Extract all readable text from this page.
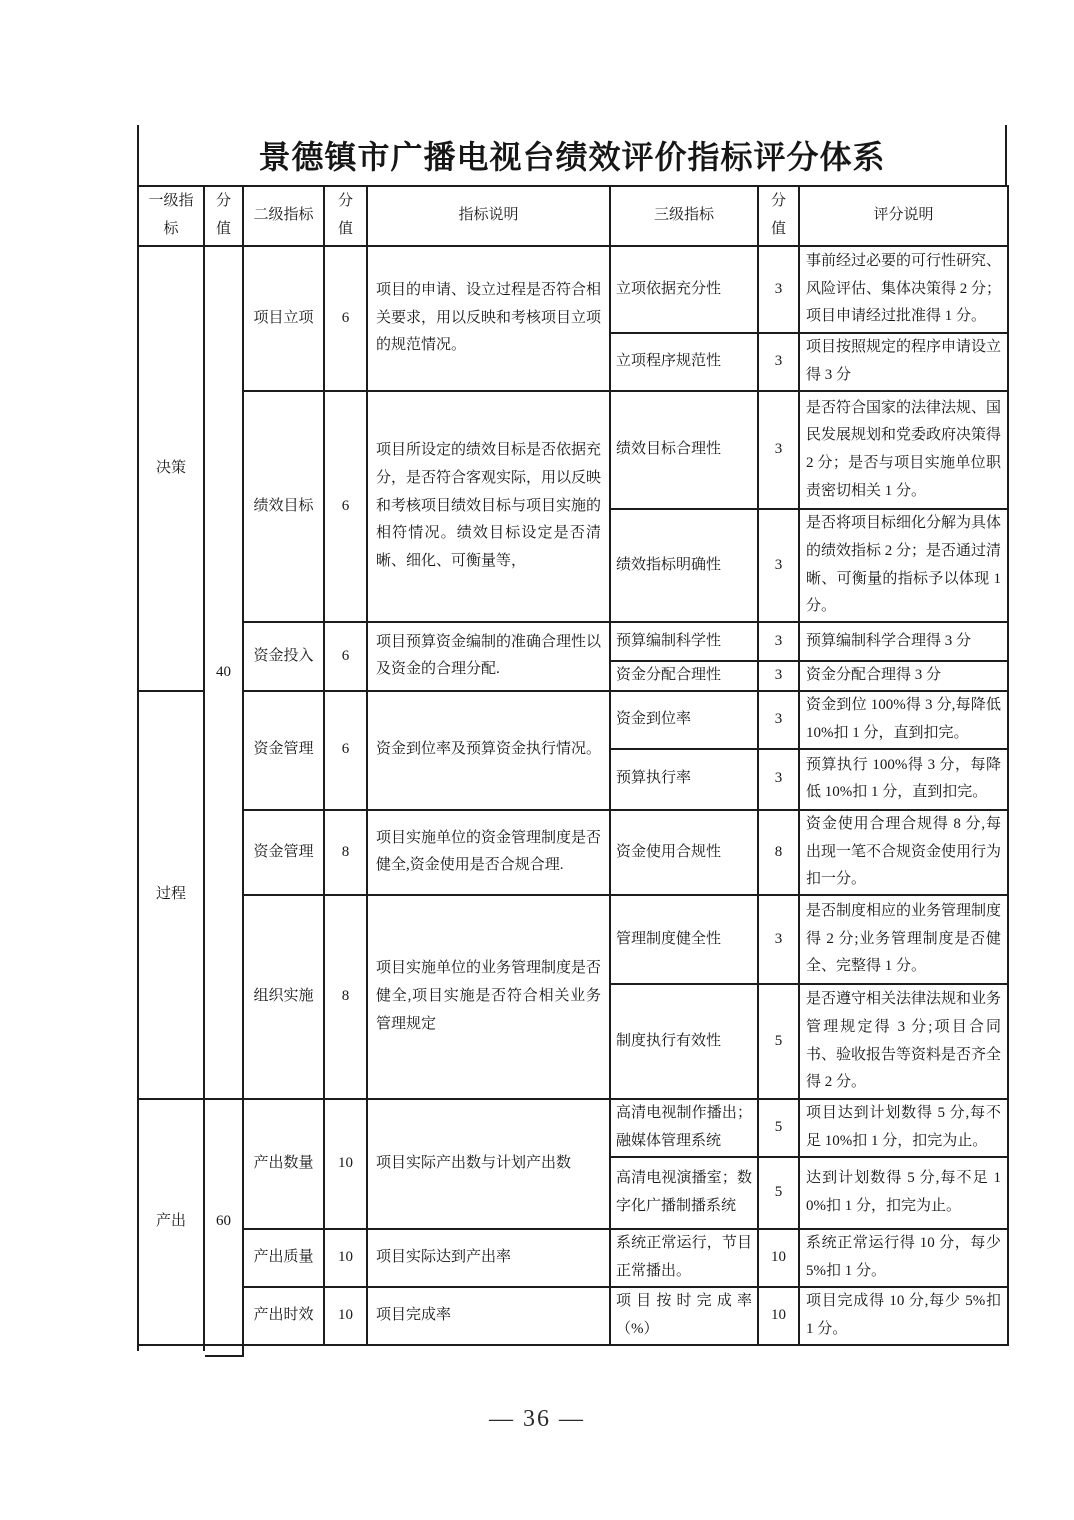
景德镇市广播电视台绩效评价指标评分体系
一级指标	分值	二级指标	分值	指标说明	三级指标	分值	评分说明
决策	40	项目立项	6	项目的申请、设立过程是否符合相关要求，用以反映和考核项目立项的规范情况。	立项依据充分性	3	事前经过必要的可行性研究、风险评估、集体决策得 2 分；项目申请经过批准得 1 分。
					立项程序规范性	3	项目按照规定的程序申请设立得 3 分
		绩效目标	6	项目所设定的绩效目标是否依据充分，是否符合客观实际，用以反映和考核项目绩效目标与项目实施的相符情况。绩效目标设定是否清晰、细化、可衡量等，	绩效目标合理性	3	是否符合国家的法律法规、国民发展规划和党委政府决策得 2 分；是否与项目实施单位职责密切相关 1 分。
					绩效指标明确性	3	是否将项目标细化分解为具体的绩效指标 2 分；是否通过清晰、可衡量的指标予以体现 1 分。
		资金投入	6	项目预算资金编制的准确合理性以及资金的合理分配.	预算编制科学性	3	预算编制科学合理得 3 分
					资金分配合理性	3	资金分配合理得 3 分
过程		资金管理	6	资金到位率及预算资金执行情况。	资金到位率	3	资金到位 100%得 3 分,每降低 10%扣 1 分，直到扣完。
					预算执行率	3	预算执行 100%得 3 分，每降低 10%扣 1 分，直到扣完。
		资金管理	8	项目实施单位的资金管理制度是否健全,资金使用是否合规合理.	资金使用合规性	8	资金使用合理合规得 8 分,每出现一笔不合规资金使用行为扣一分。
		组织实施	8	项目实施单位的业务管理制度是否健全,项目实施是否符合相关业务管理规定	管理制度健全性	3	是否制度相应的业务管理制度得 2 分;业务管理制度是否健全、完整得 1 分。
					制度执行有效性	5	是否遵守相关法律法规和业务管理规定得 3 分;项目合同书、验收报告等资料是否齐全得 2 分。
产出	60	产出数量	10	项目实际产出数与计划产出数	高清电视制作播出；融媒体管理系统	5	项目达到计划数得 5 分,每不足 10%扣 1 分，扣完为止。
					高清电视演播室；数字化广播制播系统	5	达到计划数得 5 分,每不足 10%扣 1 分，扣完为止。
		产出质量	10	项目实际达到产出率	系统正常运行，节目正常播出。	10	系统正常运行得 10 分，每少 5%扣 1 分。
		产出时效	10	项目完成率	项目按时完成率（%）	10	项目完成得 10 分,每少 5%扣 1 分。
— 36 —
